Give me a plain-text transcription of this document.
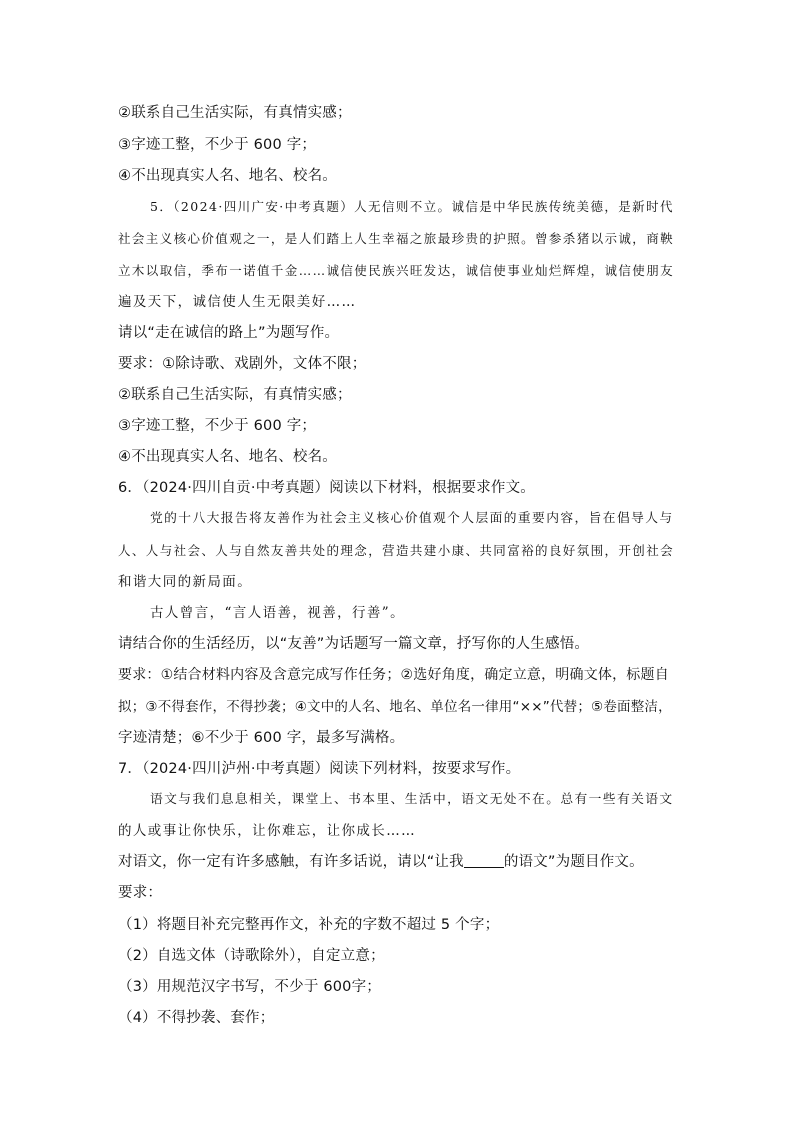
②联系自己生活实际，有真情实感；
③字迹工整，不少于 600 字；
④不出现真实人名、地名、校名。
5．（2024·四川广安·中考真题）人无信则不立。诚信是中华民族传统美德，是新时代
社会主义核心价值观之一，是人们踏上人生幸福之旅最珍贵的护照。曾参杀猪以示诚，商鞅
立木以取信，季布一诺值千金……诚信使民族兴旺发达，诚信使事业灿烂辉煌，诚信使朋友
遍及天下，诚信使人生无限美好……
请以“走在诚信的路上”为题写作。
要求：①除诗歌、戏剧外，文体不限；
②联系自己生活实际，有真情实感；
③字迹工整，不少于 600 字；
④不出现真实人名、地名、校名。
6．（2024·四川自贡·中考真题）阅读以下材料，根据要求作文。
党的十八大报告将友善作为社会主义核心价值观个人层面的重要内容，旨在倡导人与
人、人与社会、人与自然友善共处的理念，营造共建小康、共同富裕的良好氛围，开创社会
和谐大同的新局面。
古人曾言，“言人语善，视善，行善”。
请结合你的生活经历，以“友善”为话题写一篇文章，抒写你的人生感悟。
要求：①结合材料内容及含意完成写作任务；②选好角度，确定立意，明确文体，标题自
拟；③不得套作，不得抄袭；④文中的人名、地名、单位名一律用“××”代替；⑤卷面整洁，
字迹清楚；⑥不少于 600 字，最多写满格。
7．（2024·四川泸州·中考真题）阅读下列材料，按要求写作。
语文与我们息息相关，课堂上、书本里、生活中，语文无处不在。总有一些有关语文
的人或事让你快乐，让你难忘，让你成长……
对语文，你一定有许多感触，有许多话说，请以“让我	的语文”为题目作文。
要求：
（1）将题目补充完整再作文，补充的字数不超过 5 个字；
（2）自选文体（诗歌除外），自定立意；
（3）用规范汉字书写，不少于 600字；
（4）不得抄袭、套作；
